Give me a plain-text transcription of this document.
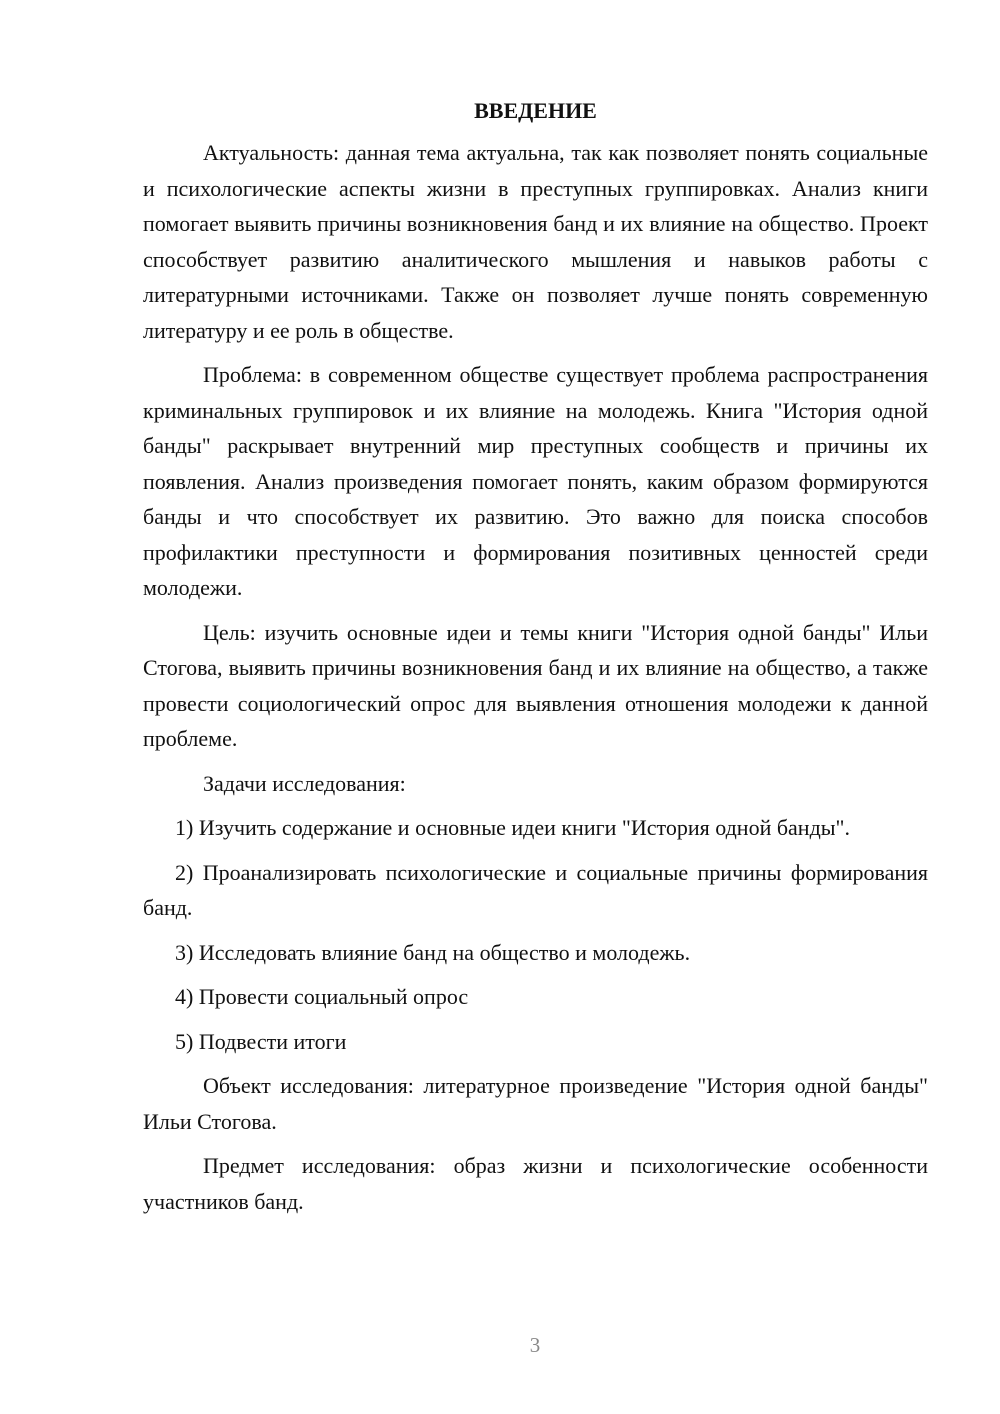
ВВЕДЕНИЕ

Актуальность: данная тема актуальна, так как позволяет понять социальные и психологические аспекты жизни в преступных группировках. Анализ книги помогает выявить причины возникновения банд и их влияние на общество. Проект способствует развитию аналитического мышления и навыков работы с литературными источниками. Также он позволяет лучше понять современную литературу и ее роль в обществе.

Проблема: в современном обществе существует проблема распространения криминальных группировок и их влияние на молодежь. Книга "История одной банды" раскрывает внутренний мир преступных сообществ и причины их появления. Анализ произведения помогает понять, каким образом формируются банды и что способствует их развитию. Это важно для поиска способов профилактики преступности и формирования позитивных ценностей среди молодежи.

Цель: изучить основные идеи и темы книги "История одной банды" Ильи Стогова, выявить причины возникновения банд и их влияние на общество, а также провести социологический опрос для выявления отношения молодежи к данной проблеме.

Задачи исследования:

1) Изучить содержание и основные идеи книги "История одной банды".

2) Проанализировать психологические и социальные причины формирования банд.

3) Исследовать влияние банд на общество и молодежь.

4) Провести социальный опрос

5) Подвести итоги

Объект исследования: литературное произведение "История одной банды" Ильи Стогова.

Предмет исследования: образ жизни и психологические особенности участников банд.

3
